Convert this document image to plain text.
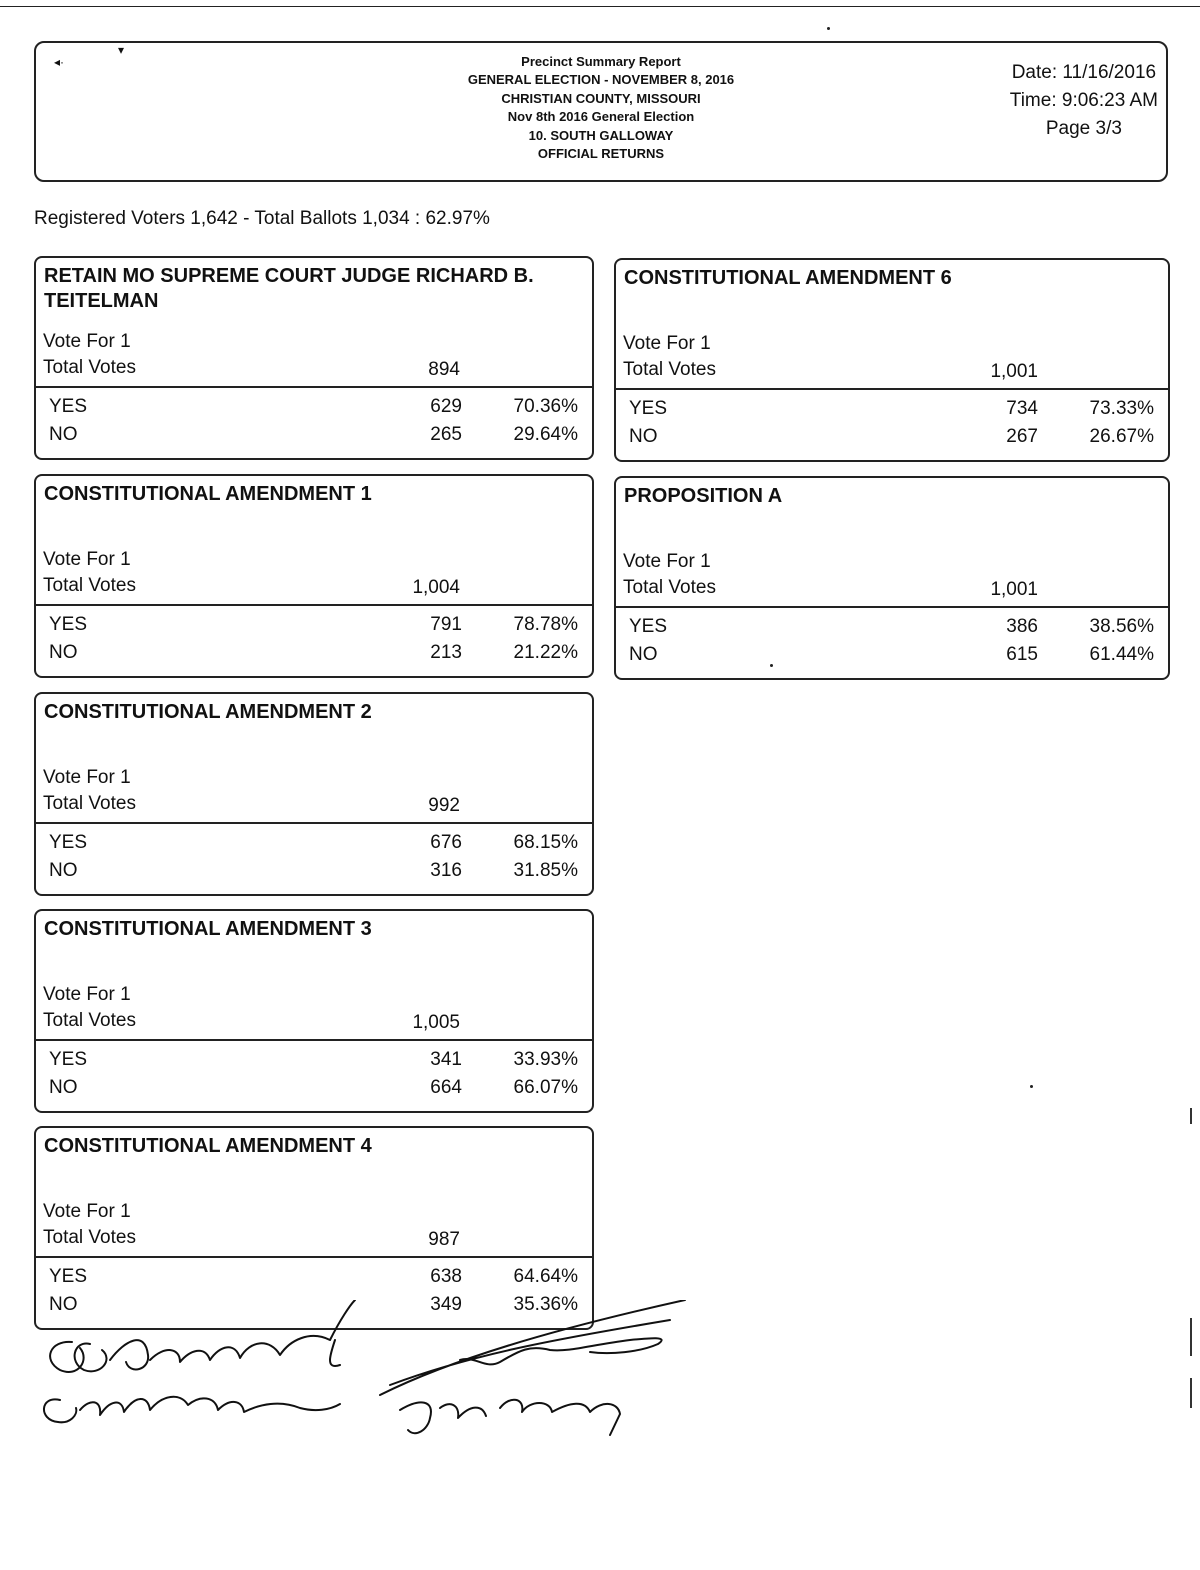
◂·
▾
Precinct Summary Report
GENERAL ELECTION - NOVEMBER 8, 2016
CHRISTIAN COUNTY, MISSOURI
Nov 8th 2016 General Election
10. SOUTH GALLOWAY
OFFICIAL RETURNS
Date: 11/16/2016
Time: 9:06:23 AM
Page 3/3
Registered Voters 1,642 - Total Ballots 1,034 : 62.97%
RETAIN MO SUPREME COURT JUDGE RICHARD B. TEITELMAN
Vote For 1
Total Votes	894
YES	629	70.36%
NO	265	29.64%
CONSTITUTIONAL AMENDMENT 6
Vote For 1
Total Votes	1,001
YES	734	73.33%
NO	267	26.67%
CONSTITUTIONAL AMENDMENT 1
Vote For 1
Total Votes	1,004
YES	791	78.78%
NO	213	21.22%
PROPOSITION A
Vote For 1
Total Votes	1,001
YES	386	38.56%
NO	615	61.44%
CONSTITUTIONAL AMENDMENT 2
Vote For 1
Total Votes	992
YES	676	68.15%
NO	316	31.85%
CONSTITUTIONAL AMENDMENT 3
Vote For 1
Total Votes	1,005
YES	341	33.93%
NO	664	66.07%
CONSTITUTIONAL AMENDMENT 4
Vote For 1
Total Votes	987
YES	638	64.64%
NO	349	35.36%
